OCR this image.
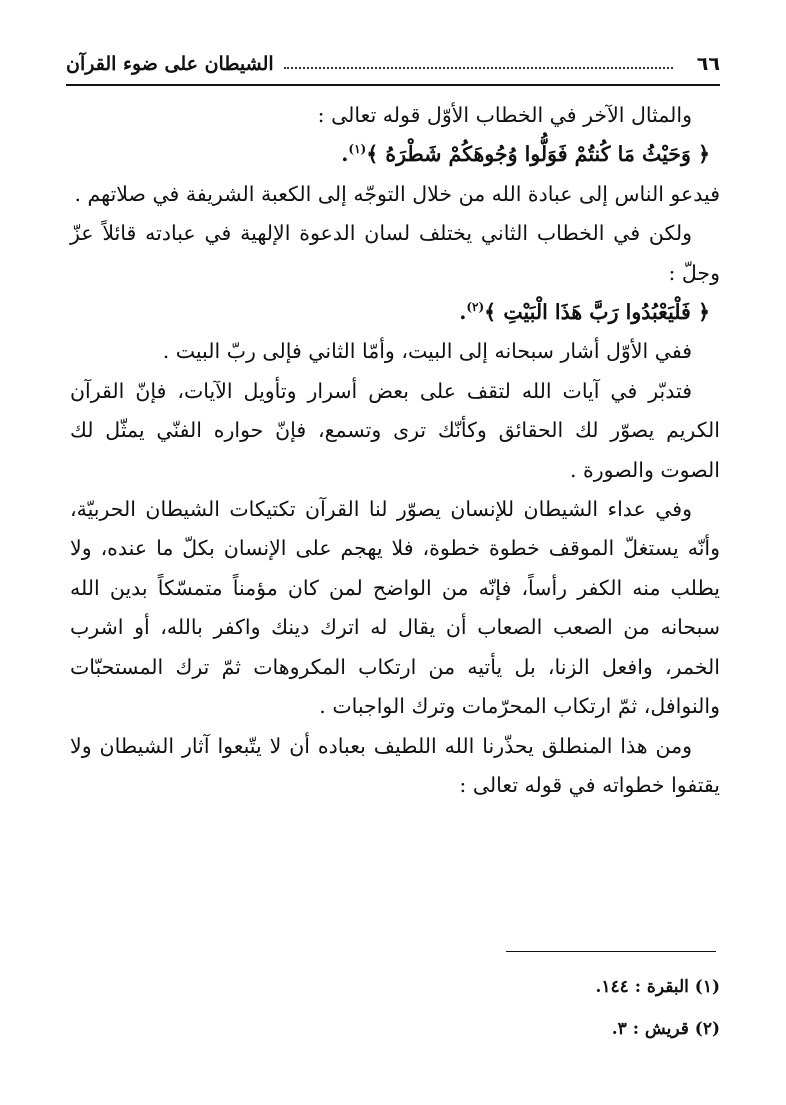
٦٦
الشيطان على ضوء القرآن

والمثال الآخر في الخطاب الأوّل قوله تعالى :

﴿ وَحَيْثُ مَا كُنتُمْ فَوَلُّوا وُجُوهَكُمْ شَطْرَهُ ﴾$^{(١)}$.

فيدعو الناس إلى عبادة الله من خلال التوجّه إلى الكعبة الشريفة في صلاتهم .

ولكن في الخطاب الثاني يختلف لسان الدعوة الإلهية في عبادته قائلاً عزّ وجلّ :

﴿ فَلْيَعْبُدُوا رَبَّ هَذَا الْبَيْتِ ﴾$^{(٢)}$.

ففي الأوّل أشار سبحانه إلى البيت، وأمّا الثاني فإلى ربّ البيت .

فتدبّر في آيات الله لتقف على بعض أسرار وتأويل الآيات، فإنّ القرآن الكريم يصوّر لك الحقائق وكأنّك ترى وتسمع، فإنّ حواره الفنّي يمثّل لك الصوت والصورة .

وفي عداء الشيطان للإنسان يصوّر لنا القرآن تكتيكات الشيطان الحربيّة، وأنّه يستغلّ الموقف خطوة خطوة، فلا يهجم على الإنسان بكلّ ما عنده، ولا يطلب منه الكفر رأساً، فإنّه من الواضح لمن كان مؤمناً متمسّكاً بدين الله سبحانه من الصعب الصعاب أن يقال له اترك دينك واكفر بالله، أو اشرب الخمر، وافعل الزنا، بل يأتيه من ارتكاب المكروهات ثمّ ترك المستحبّات والنوافل، ثمّ ارتكاب المحرّمات وترك الواجبات .

ومن هذا المنطلق يحذّرنا الله اللطيف بعباده أن لا يتّبعوا آثار الشيطان ولا يقتفوا خطواته في قوله تعالى :

(١) البقرة : ١٤٤.

(٢) قريش : ٣.
